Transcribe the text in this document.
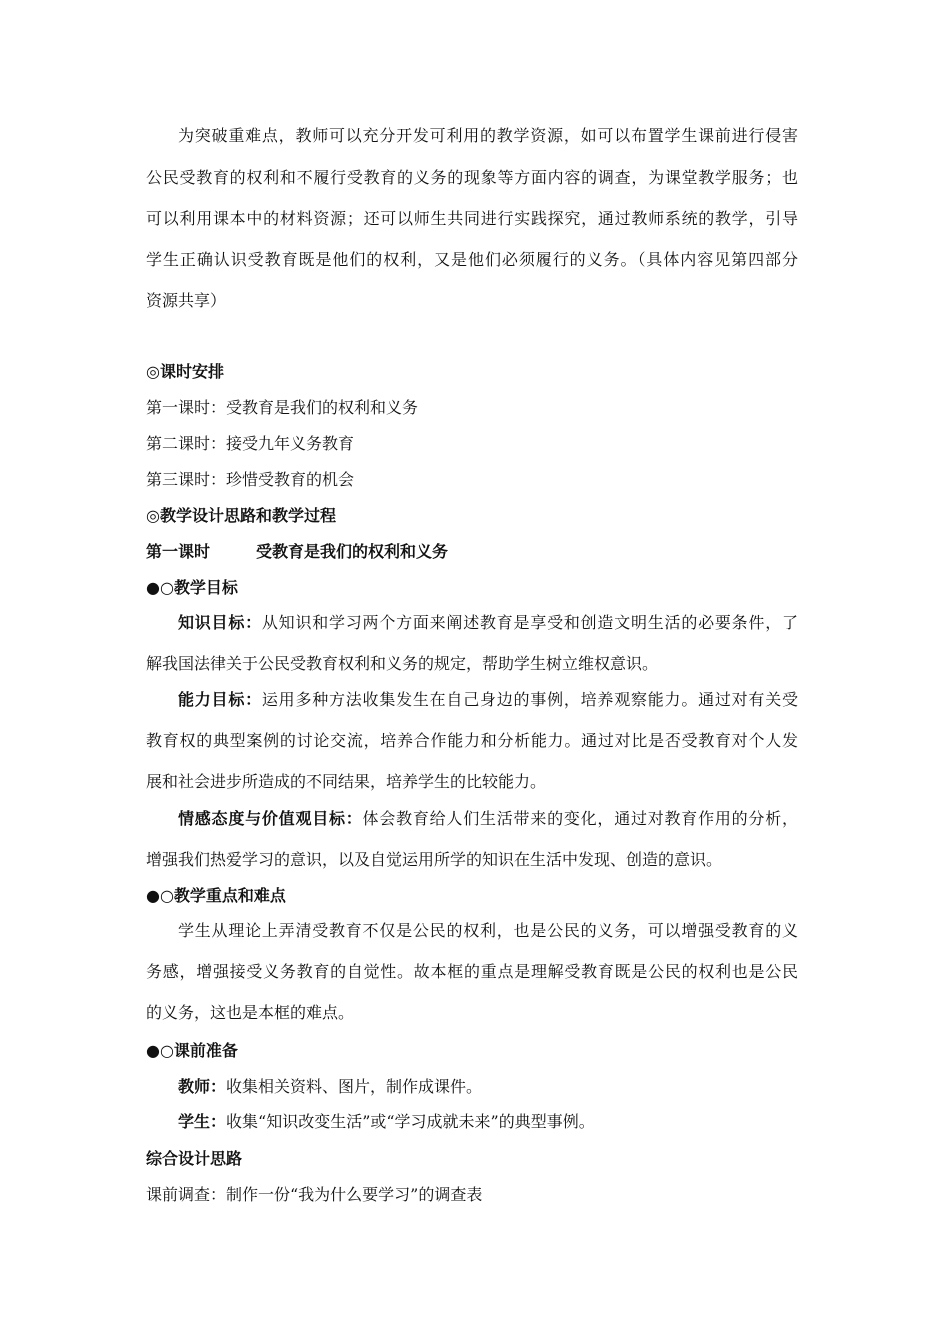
为突破重难点，教师可以充分开发可利用的教学资源，如可以布置学生课前进行侵害
公民受教育的权利和不履行受教育的义务的现象等方面内容的调查，为课堂教学服务；也
可以利用课本中的材料资源；还可以师生共同进行实践探究，通过教师系统的教学，引导
学生正确认识受教育既是他们的权利，又是他们必须履行的义务。（具体内容见第四部分
资源共享）
◎课时安排
第一课时：受教育是我们的权利和义务
第二课时：接受九年义务教育
第三课时：珍惜受教育的机会
◎教学设计思路和教学过程
第一课时	受教育是我们的权利和义务
●○教学目标
知识目标：从知识和学习两个方面来阐述教育是享受和创造文明生活的必要条件，了
解我国法律关于公民受教育权利和义务的规定，帮助学生树立维权意识。
能力目标：运用多种方法收集发生在自己身边的事例，培养观察能力。通过对有关受
教育权的典型案例的讨论交流，培养合作能力和分析能力。通过对比是否受教育对个人发
展和社会进步所造成的不同结果，培养学生的比较能力。
情感态度与价值观目标：体会教育给人们生活带来的变化，通过对教育作用的分析，
增强我们热爱学习的意识，以及自觉运用所学的知识在生活中发现、创造的意识。
●○教学重点和难点
学生从理论上弄清受教育不仅是公民的权利，也是公民的义务，可以增强受教育的义
务感，增强接受义务教育的自觉性。故本框的重点是理解受教育既是公民的权利也是公民
的义务，这也是本框的难点。
●○课前准备
教师：收集相关资料、图片，制作成课件。
学生：收集“知识改变生活”或“学习成就未来”的典型事例。
综合设计思路
课前调查：制作一份“我为什么要学习”的调查表
